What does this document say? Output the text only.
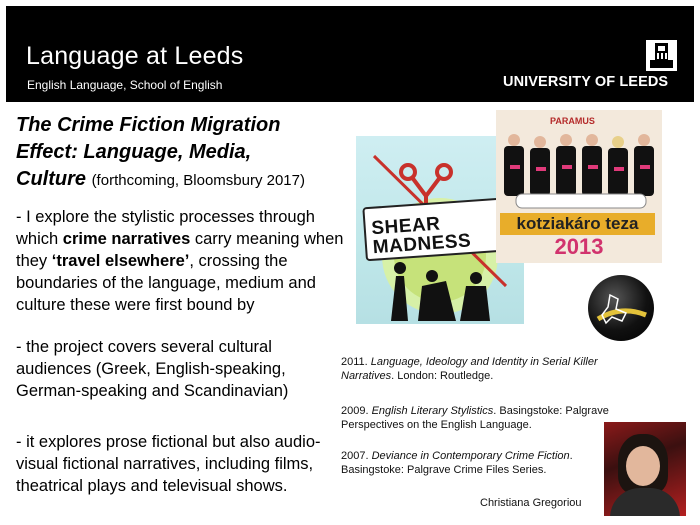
Language at Leeds
English Language, School of English	UNIVERSITY OF LEEDS
The Crime Fiction Migration
Effect: Language, Media,
Culture (forthcoming, Bloomsbury 2017)
- I explore the stylistic processes through which crime narratives carry meaning when they ‘travel elsewhere’, crossing the boundaries of the language, medium and culture these were first bound by
- the project covers several cultural audiences (Greek, English-speaking, German-speaking and Scandinavian)
- it explores prose fictional but also audio-visual fictional narratives, including films, theatrical plays and televisual shows.
SHEAR MADNESS
PARAMUS
kotziakáro teza
2013
2011. Language, Ideology and Identity in Serial Killer Narratives. London: Routledge.
2009. English Literary Stylistics. Basingstoke: Palgrave Perspectives on the English Language.
2007. Deviance in Contemporary Crime Fiction. Basingstoke: Palgrave Crime Files Series.
Christiana Gregoriou
